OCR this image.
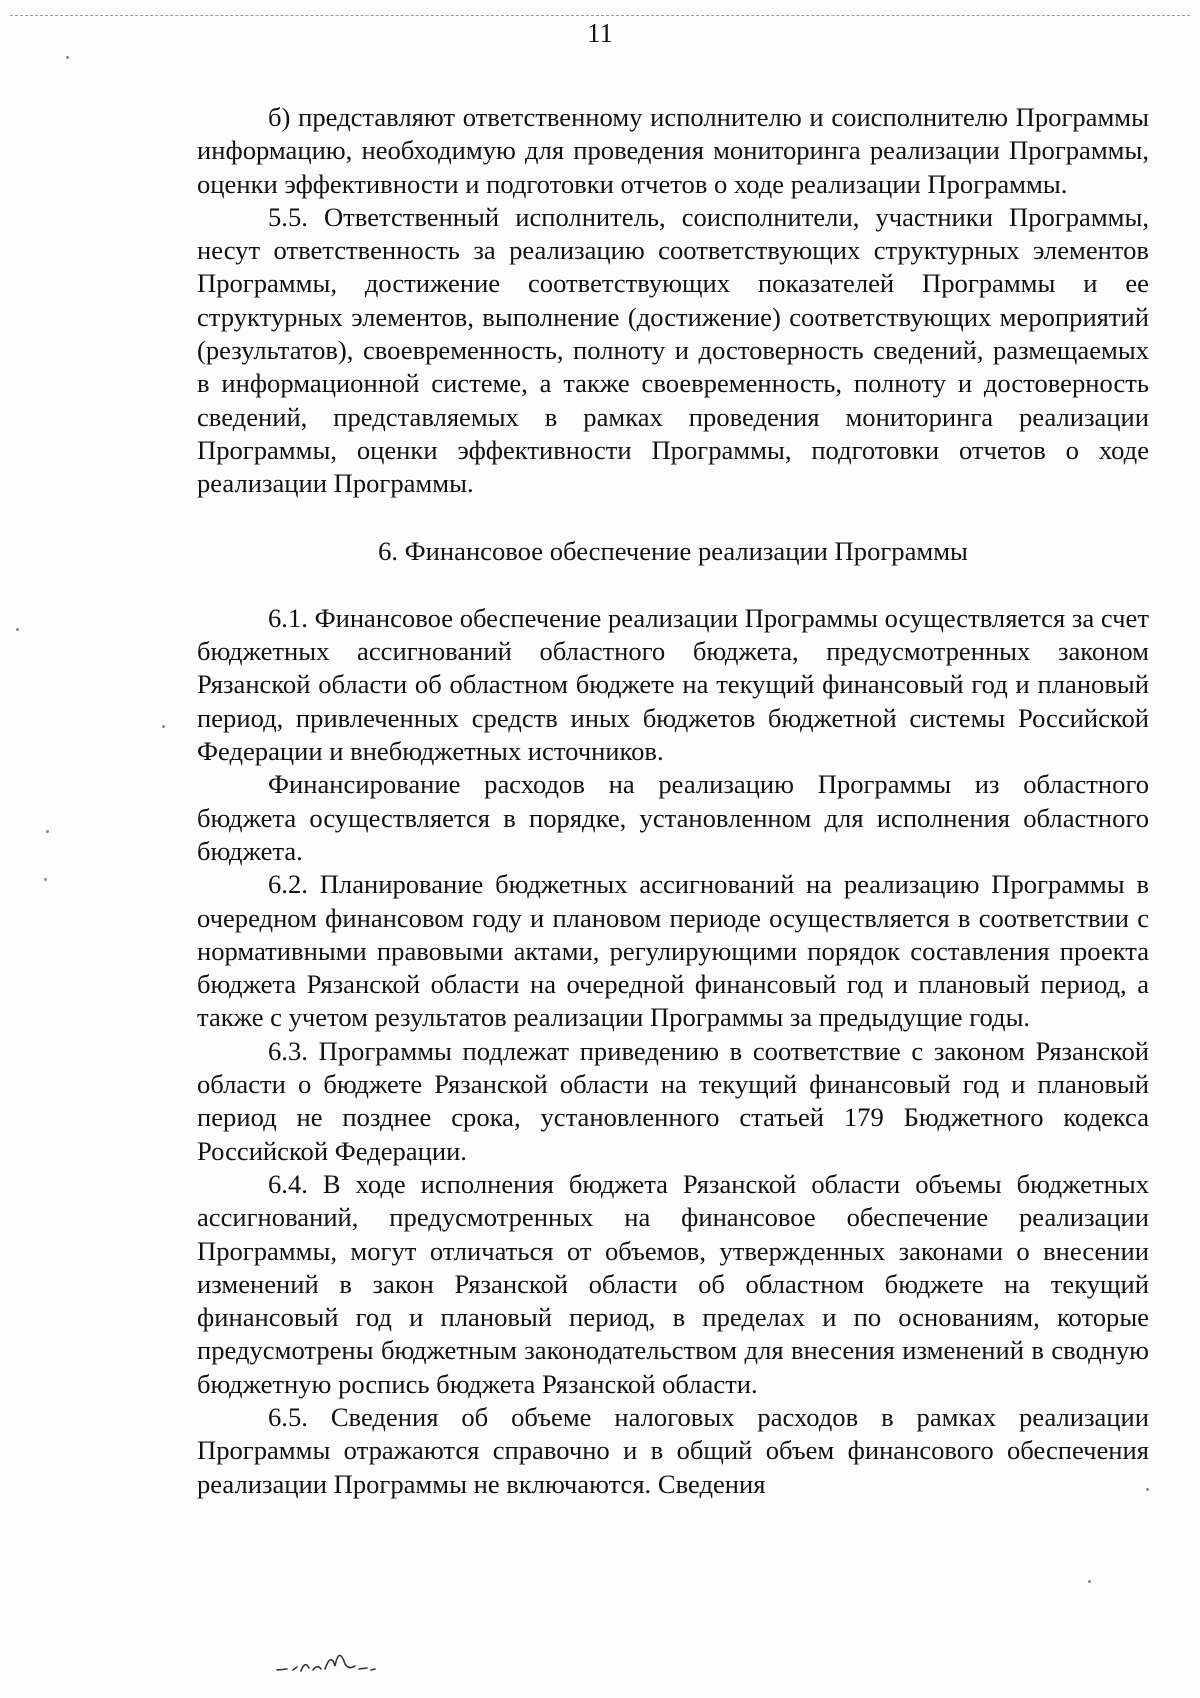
11

б) представляют ответственному исполнителю и соисполнителю Программы информацию, необходимую для проведения мониторинга реализации Программы, оценки эффективности и подготовки отчетов о ходе реализации Программы.

5.5. Ответственный исполнитель, соисполнители, участники Программы, несут ответственность за реализацию соответствующих структурных элементов Программы, достижение соответствующих показателей Программы и ее структурных элементов, выполнение (достижение) соответствующих мероприятий (результатов), своевременность, полноту и достоверность сведений, размещаемых в информационной системе, а также своевременность, полноту и достоверность сведений, представляемых в рамках проведения мониторинга реализации Программы, оценки эффективности Программы, подготовки отчетов о ходе реализации Программы.

6. Финансовое обеспечение реализации Программы

6.1. Финансовое обеспечение реализации Программы осуществляется за счет бюджетных ассигнований областного бюджета, предусмотренных законом Рязанской области об областном бюджете на текущий финансовый год и плановый период, привлеченных средств иных бюджетов бюджетной системы Российской Федерации и внебюджетных источников.

Финансирование расходов на реализацию Программы из областного бюджета осуществляется в порядке, установленном для исполнения областного бюджета.

6.2. Планирование бюджетных ассигнований на реализацию Программы в очередном финансовом году и плановом периоде осуществляется в соответствии с нормативными правовыми актами, регулирующими порядок составления проекта бюджета Рязанской области на очередной финансовый год и плановый период, а также с учетом результатов реализации Программы за предыдущие годы.

6.3. Программы подлежат приведению в соответствие с законом Рязанской области о бюджете Рязанской области на текущий финансовый год и плановый период не позднее срока, установленного статьей 179 Бюджетного кодекса Российской Федерации.

6.4. В ходе исполнения бюджета Рязанской области объемы бюджетных ассигнований, предусмотренных на финансовое обеспечение реализации Программы, могут отличаться от объемов, утвержденных законами о внесении изменений в закон Рязанской области об областном бюджете на текущий финансовый год и плановый период, в пределах и по основаниям, которые предусмотрены бюджетным законодательством для внесения изменений в сводную бюджетную роспись бюджета Рязанской области.

6.5. Сведения об объеме налоговых расходов в рамках реализации Программы отражаются справочно и в общий объем финансового обеспечения реализации Программы не включаются. Сведения
